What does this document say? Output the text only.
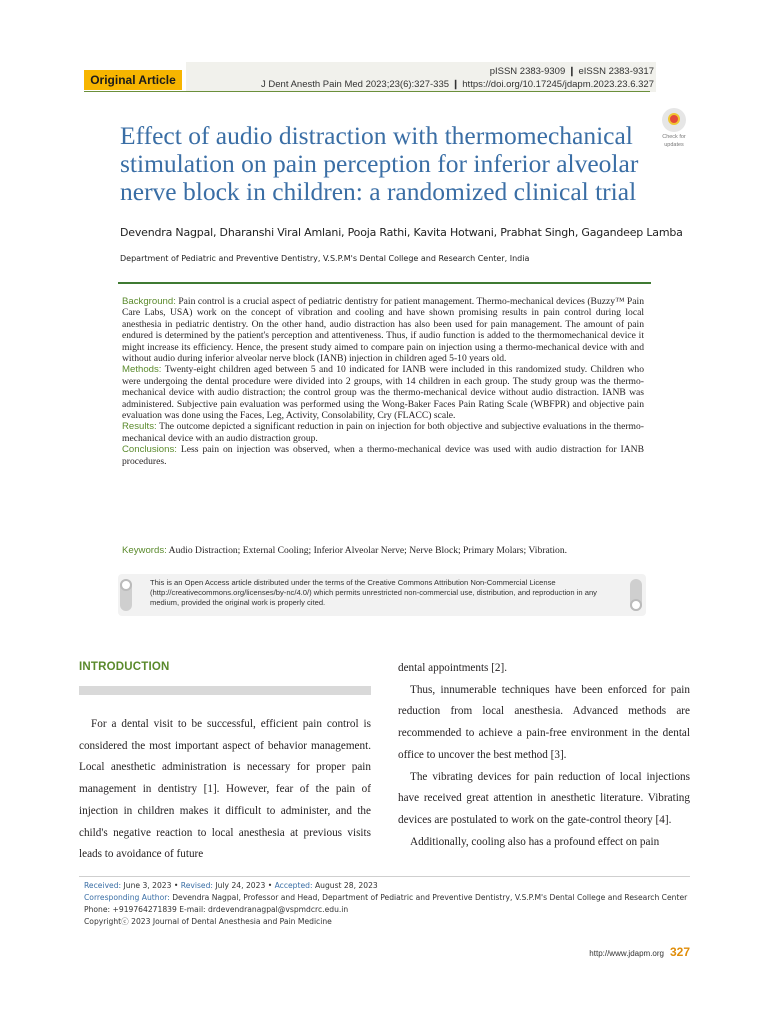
Original Article
pISSN 2383-9309 ❙ eISSN 2383-9317
J Dent Anesth Pain Med 2023;23(6):327-335 ❙ https://doi.org/10.17245/jdapm.2023.23.6.327
Effect of audio distraction with thermomechanical stimulation on pain perception for inferior alveolar nerve block in children: a randomized clinical trial
Check for
updates
Devendra Nagpal, Dharanshi Viral Amlani, Pooja Rathi, Kavita Hotwani, Prabhat Singh, Gagandeep Lamba
Department of Pediatric and Preventive Dentistry, V.S.P.M's Dental College and Research Center, India

Background: Pain control is a crucial aspect of pediatric dentistry for patient management. Thermo-mechanical devices (Buzzy™ Pain Care Labs, USA) work on the concept of vibration and cooling and have shown promising results in pain control during local anesthesia in pediatric dentistry. On the other hand, audio distraction has also been used for pain management. The amount of pain endured is determined by the patient's perception and attentiveness. Thus, if audio function is added to the thermomechanical device it might increase its efficiency. Hence, the present study aimed to compare pain on injection using a thermo-mechanical device with and without audio during inferior alveolar nerve block (IANB) injection in children aged 5-10 years old.

Methods: Twenty-eight children aged between 5 and 10 indicated for IANB were included in this randomized study. Children who were undergoing the dental procedure were divided into 2 groups, with 14 children in each group. The study group was the thermo-mechanical device with audio distraction; the control group was the thermo-mechanical device without audio distraction. IANB was administered. Subjective pain evaluation was performed using the Wong-Baker Faces Pain Rating Scale (WBFPR) and objective pain evaluation was done using the Faces, Leg, Activity, Consolability, Cry (FLACC) scale.

Results: The outcome depicted a significant reduction in pain on injection for both objective and subjective evaluations in the thermo-mechanical device with an audio distraction group.

Conclusions: Less pain on injection was observed, when a thermo-mechanical device was used with audio distraction for IANB procedures.

Keywords: Audio Distraction; External Cooling; Inferior Alveolar Nerve; Nerve Block; Primary Molars; Vibration.
This is an Open Access article distributed under the terms of the Creative Commons Attribution Non-Commercial License (http://creativecommons.org/licenses/by-nc/4.0/) which permits unrestricted non-commercial use, distribution, and reproduction in any medium, provided the original work is properly cited.
INTRODUCTION

For a dental visit to be successful, efficient pain control is considered the most important aspect of behavior management. Local anesthetic administration is necessary for proper pain management in dentistry [1]. However, fear of the pain of injection in children makes it difficult to administer, and the child's negative reaction to local anesthesia at previous visits leads to avoidance of future

dental appointments [2].

Thus, innumerable techniques have been enforced for pain reduction from local anesthesia. Advanced methods are recommended to achieve a pain-free environment in the dental office to uncover the best method [3].

The vibrating devices for pain reduction of local injections have received great attention in anesthetic literature. Vibrating devices are postulated to work on the gate-control theory [4].

Additionally, cooling also has a profound effect on pain

Received: June 3, 2023 • Revised: July 24, 2023 • Accepted: August 28, 2023
Corresponding Author: Devendra Nagpal, Professor and Head, Department of Pediatric and Preventive Dentistry, V.S.P.M's Dental College and Research Center
Phone: +919764271839 E-mail: drdevendranagpal@vspmdcrc.edu.in
Copyrightⓒ 2023 Journal of Dental Anesthesia and Pain Medicine
http://www.jdapm.org 327
